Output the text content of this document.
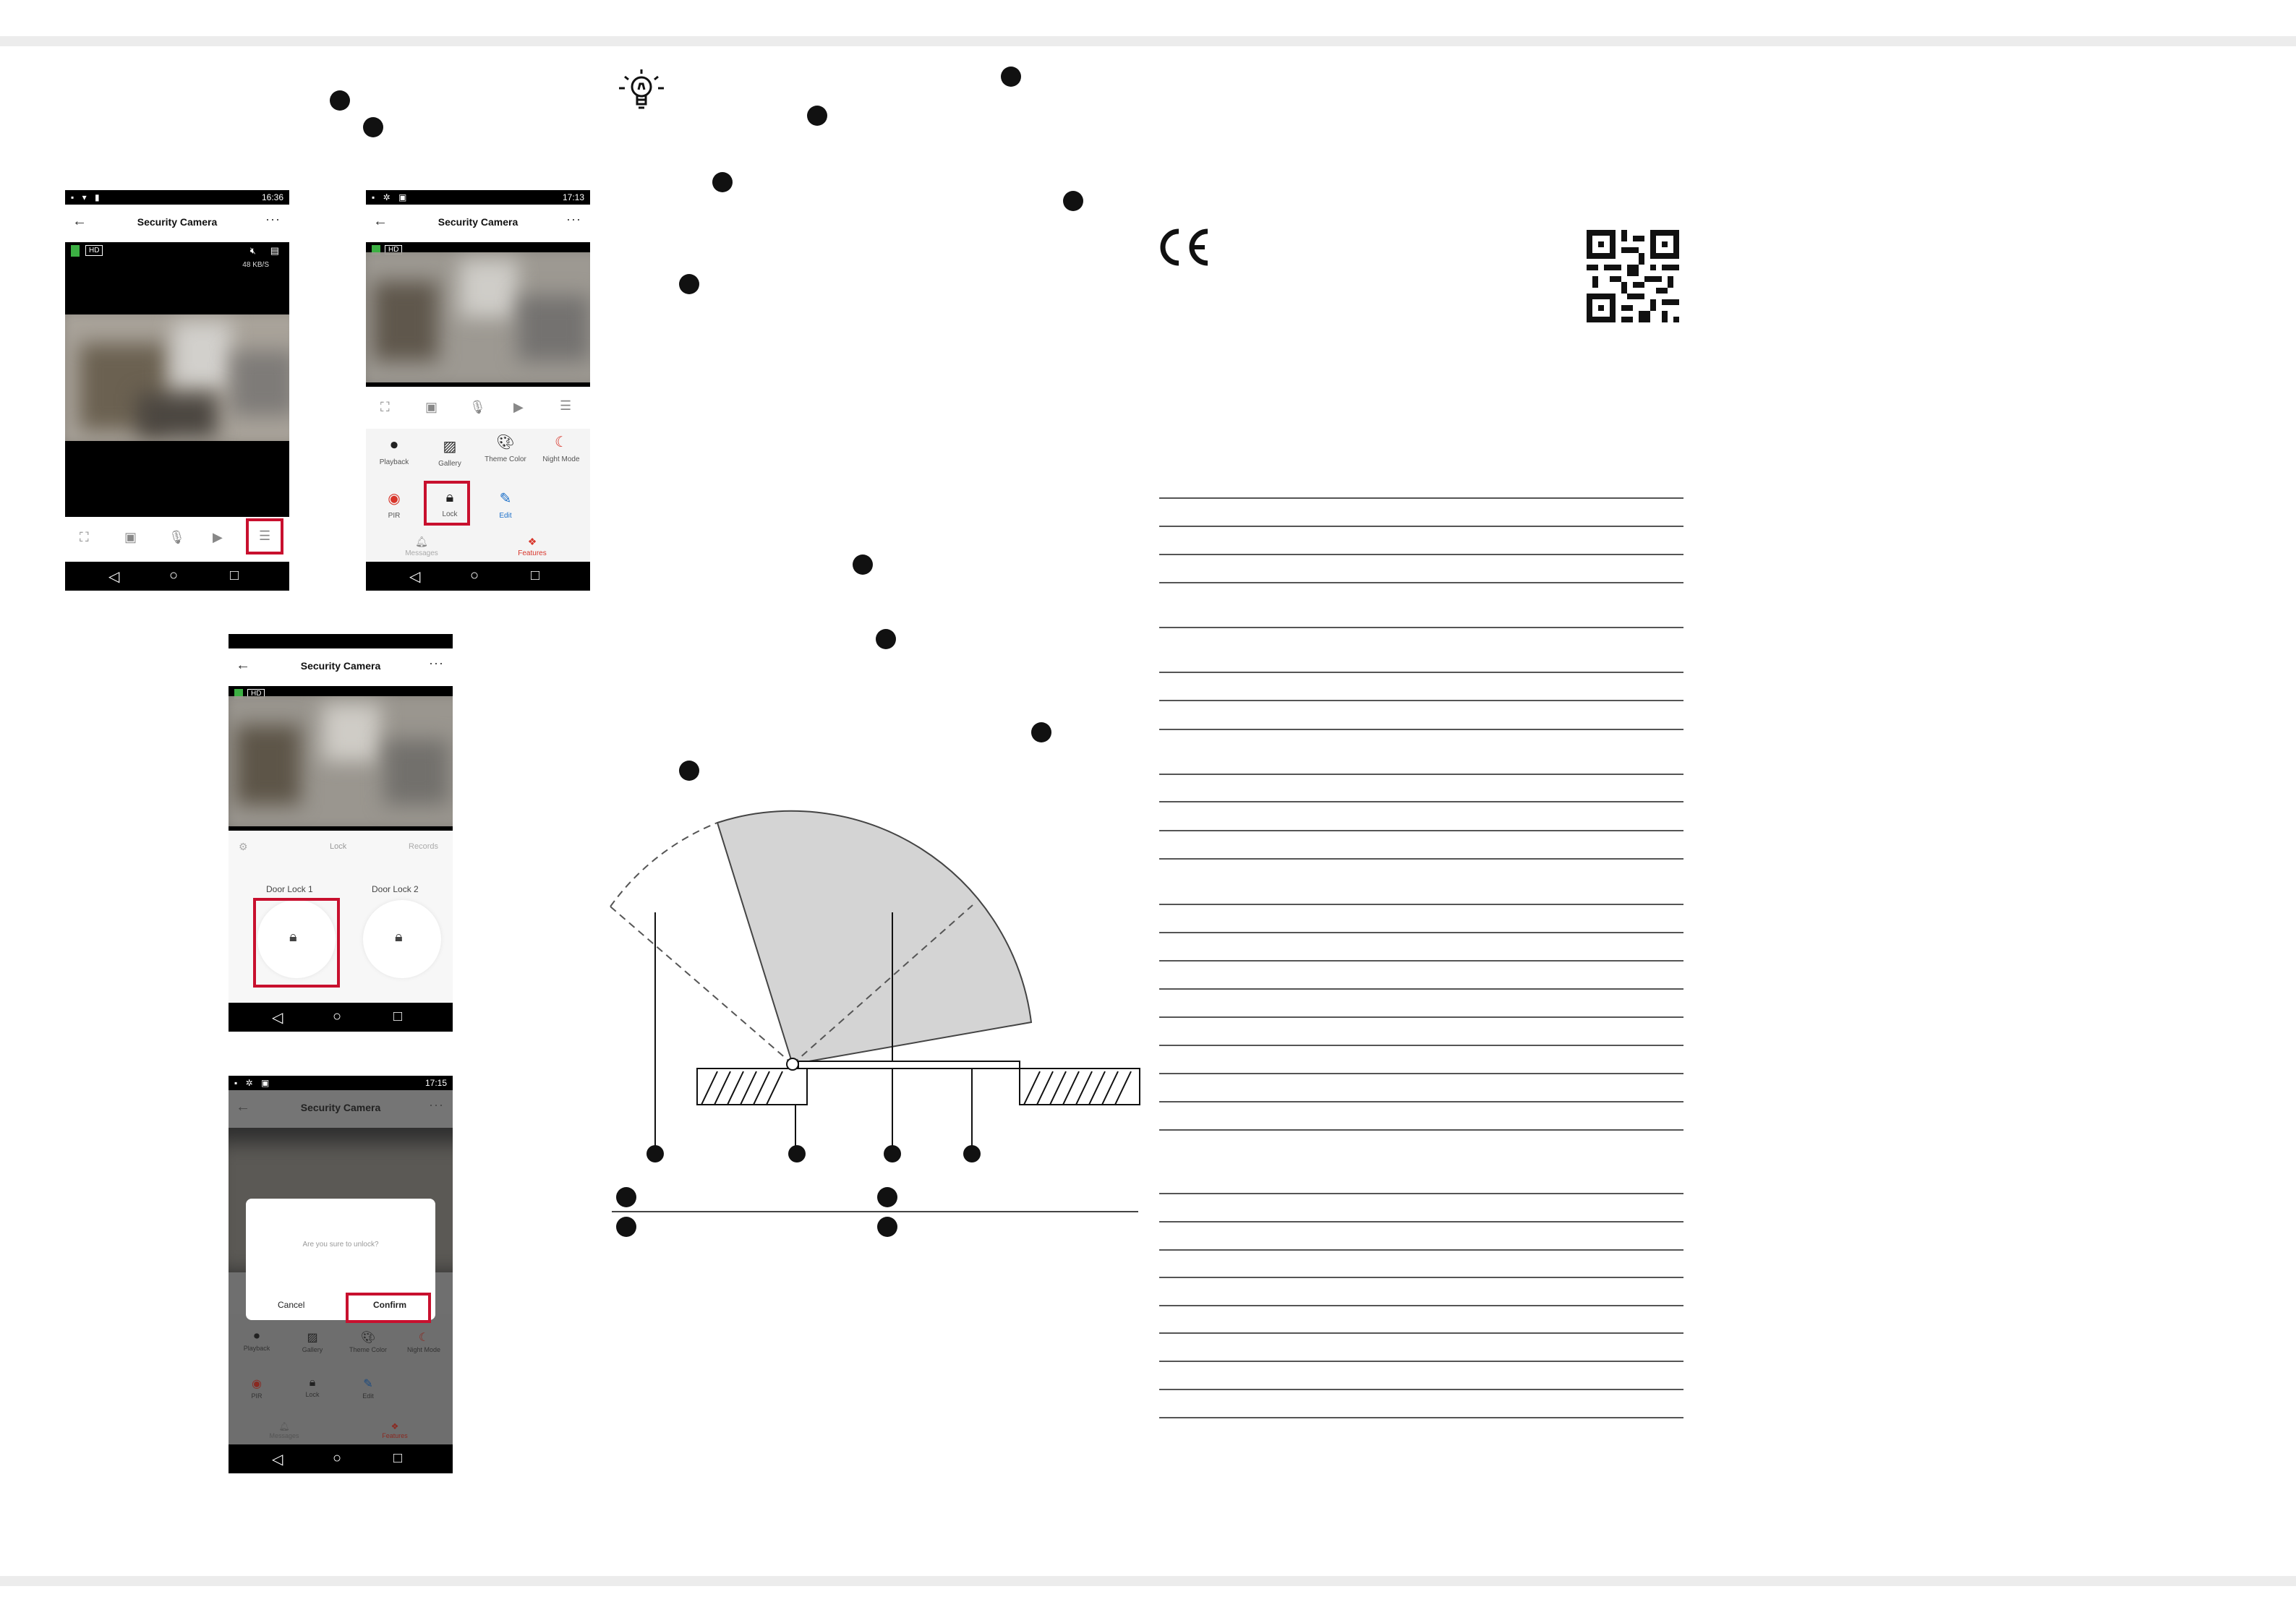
▪ ▾ ▮	16:36
←	Security Camera	···
HD	🔇︎ ▤
48 KB/S
⛶	▣ 🎙︎ ▶	☰
◁	○	□
▪ ✲ ▣	17:13
←	Security Camera	···
HD
⛶	▣ 🎙︎ ▶	☰
⏺
Playback
▨
Gallery
🎨︎
Theme Color
☾
Night Mode
◉
PIR
🔒︎
Lock
✎
Edit
🔔︎
Messages
❖
Features
◁	○	□
←	Security Camera	···
HD
⚙	Lock	Records
Door Lock 1	Door Lock 2
🔒︎	🔒︎
◁	○	□
▪ ✲ ▣	17:15
←	Security Camera	···
⏺
Playback
▨
Gallery
🎨︎
Theme Color
☾
Night Mode
◉
PIR
🔒︎
Lock
✎
Edit
🔔︎
Messages
❖
Features
Are you sure to unlock?
Cancel	Confirm
◁	○	□
